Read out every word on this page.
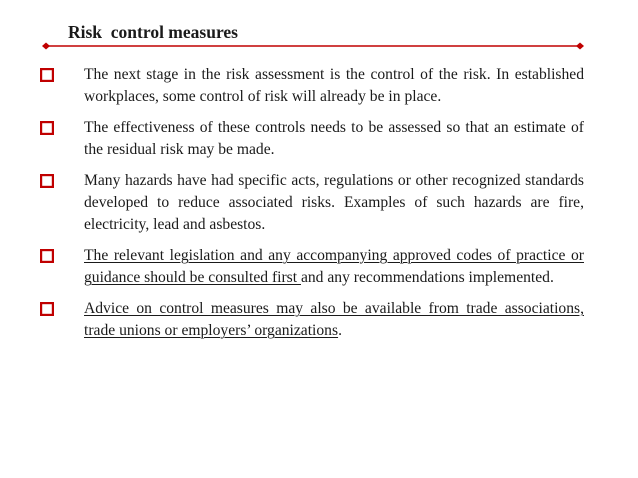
Risk  control measures
The next stage in the risk assessment is the control of the risk. In established workplaces, some control of risk will already be in place.
The effectiveness of these controls needs to be assessed so that an estimate of the residual risk may be made.
Many hazards have had specific acts, regulations or other recognized standards developed to reduce associated risks. Examples of such hazards are fire, electricity, lead and asbestos.
The relevant legislation and any accompanying approved codes of practice or guidance should be consulted first and any recommendations implemented.
Advice on control measures may also be available from trade associations, trade unions or employers’ organizations.
